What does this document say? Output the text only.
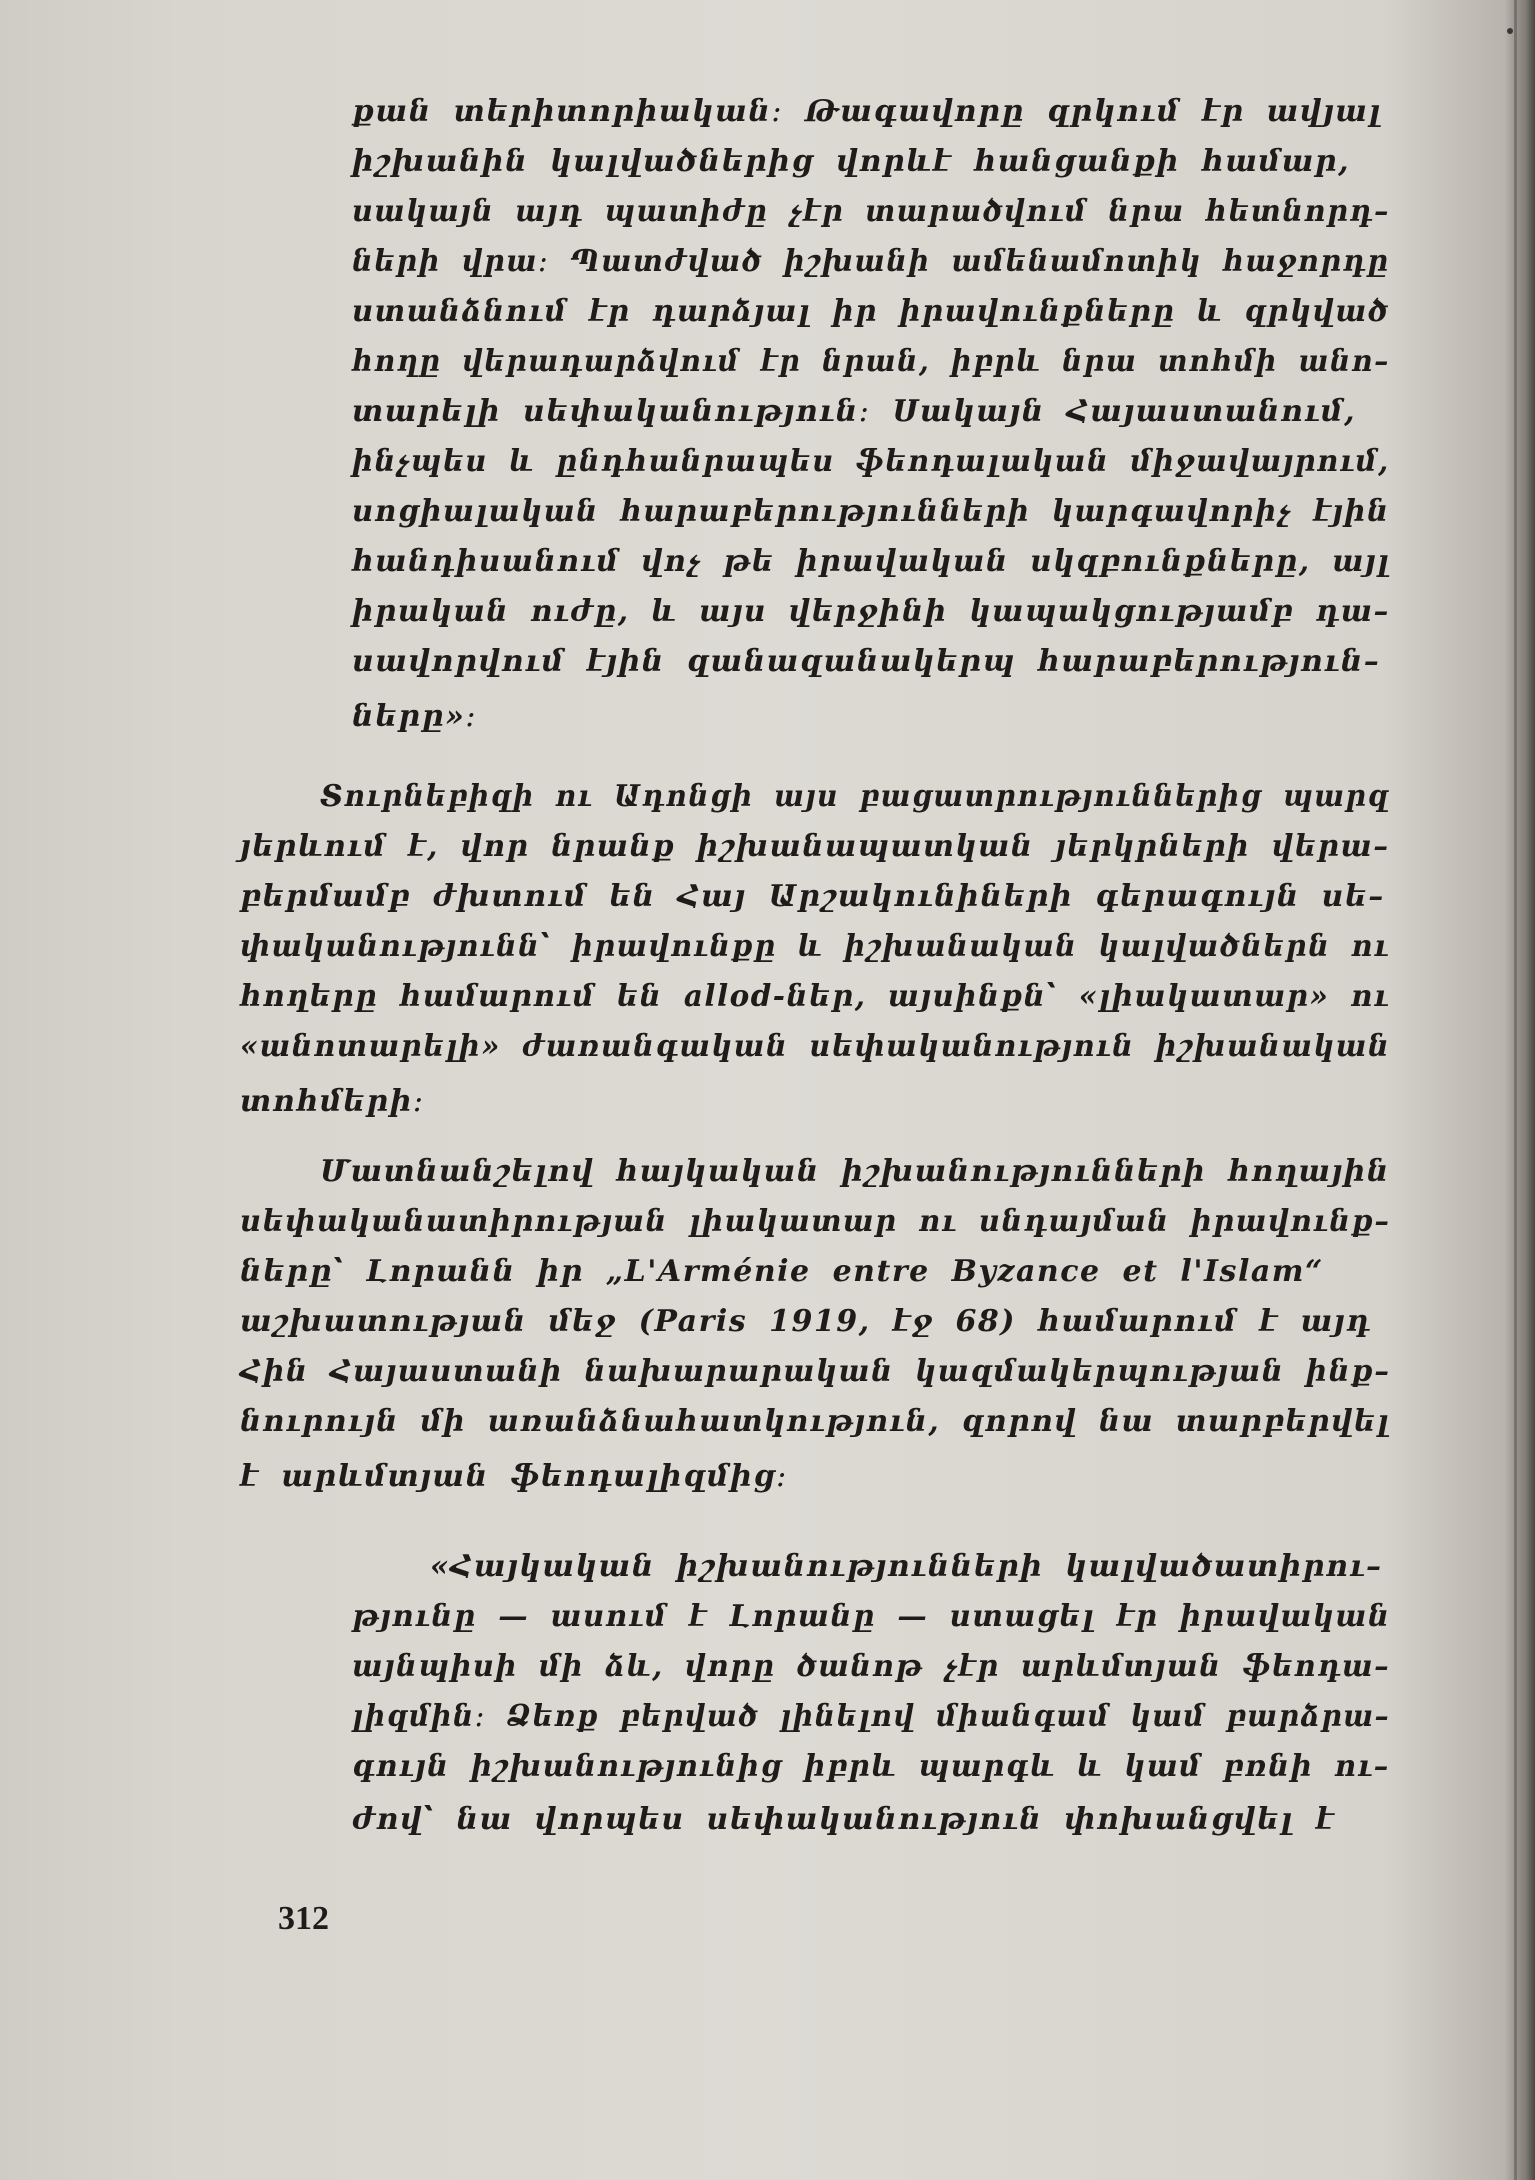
քան տերիտորիական։ Թագավորը զրկում էր ավյալ
իշխանին կալվածներից վորևէ հանցանքի համար,
սակայն այդ պատիժը չէր տարածվում նրա հետնորդ–
ների վրա։ Պատժված իշխանի ամենամոտիկ հաջորդը
ստանձնում էր դարձյալ իր իրավունքները և զրկված
հողը վերադարձվում էր նրան, իբրև նրա տոհմի անո–
տարելի սեփականություն։ Սակայն Հայաստանում,
ինչպես և ընդհանրապես ֆեոդալական միջավայրում,
սոցիալական հարաբերությունների կարգավորիչ էյին
հանդիսանում վոչ թե իրավական սկզբունքները, այլ
իրական ուժը, և այս վերջինի կապակցությամբ դա–
սավորվում էյին զանազանակերպ հարաբերություն–
ները»։
Տուրնեբիզի ու Ադոնցի այս բացատրություններից պարզ
յերևում է, վոր նրանք իշխանապատկան յերկրների վերա–
բերմամբ ժխտում են Հայ Արշակունիների գերագույն սե–
փականությունն՝ իրավունքը և իշխանական կալվածներն ու
հողերը համարում են allod-ներ, այսինքն՝ «լիակատար» ու
«անոտարելի» ժառանգական սեփականություն իշխանական
տոհմերի։
Մատնանշելով հայկական իշխանությունների հողային
սեփականատիրության լիակատար ու սնդայման իրավունք–
ները՝ Լորանն իր „L'Arménie entre Byzance et l'Islam“
աշխատության մեջ (Paris 1919, էջ 68) համարում է այդ
Հին Հայաստանի նախարարական կազմակերպության ինք–
նուրույն մի առանձնահատկություն, զորով նա տարբերվել
է արևմտյան ֆեոդալիզմից։
«Հայկական իշխանությունների կալվածատիրու–
թյունը — ասում է Լորանը — ստացել էր իրավական
այնպիսի մի ձև, վորը ծանոթ չէր արևմտյան ֆեոդա–
լիզմին։ Ձեռք բերված լինելով միանգամ կամ բարձրա–
գույն իշխանությունից իբրև պարգև և կամ բռնի ու–
ժով՝ նա վորպես սեփականություն փոխանցվել է
312
